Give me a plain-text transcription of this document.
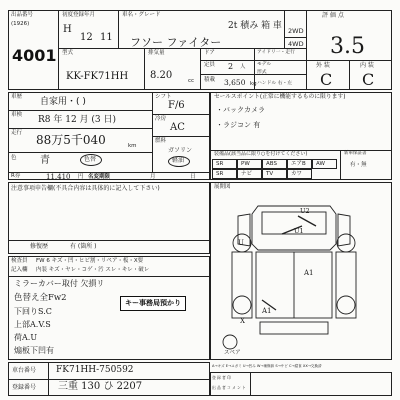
出品番号
(1926)
4001
初度登録年月
H
12 11
車名・グレード
2t 積み 箱 車
フソー ファイター
2WD
4WD
評 価 点
3.5
型式
KK-FK71HH
排気量
8.20	cc
ドア
定員 2 人
積載 3,650 kg
アイドリ一・走行
モデル
形式
ハンドル 右・左
外 装	内 装
C C
車歴 自家用・( )
車検 R8 年 12 月 (3 日)
走行 88万5千040	km
色 青	色替
シフト
F/6
冷房
AC
燃料
ガソリン
軽油
R券	11,410 円 名変期限	月	日
セールスポイント(正常に機能するものに限ります)
・バックカメラ
・ラジコン 有
装備品(該当品に限り○を付けてください)	新車保証書
有・無
注意事項申告欄(不具合内容は具体的に記入して下さい)
修復歴	有 (箇所 )
検査員
記入欄
FW 6 キズ・凹・ヒビ割・リペア・板・X要
内装 キズ・ヤレ・コゲ・汚 スレ・キレ・破レ
ミラーカバー取付 欠損リ
色替え全Fw2
下回りS.C
上部A.V.S
荷A.U
煽板下凹有
キー事務局預かり
展開図
U2
U1
U
A1
A1
X
スペア
A→キズ E→ユガミ U→凹み W→補修跡 S→サビ C→腐食 XX→交換済
車台番号 FK71HH-750592
登録番号 三重 130 ひ 2207
登 録 者 印
出 品 者 コ メ ン ト
SR	PW	ABS	エアB AW
SR	ナビ	TV	カワ
